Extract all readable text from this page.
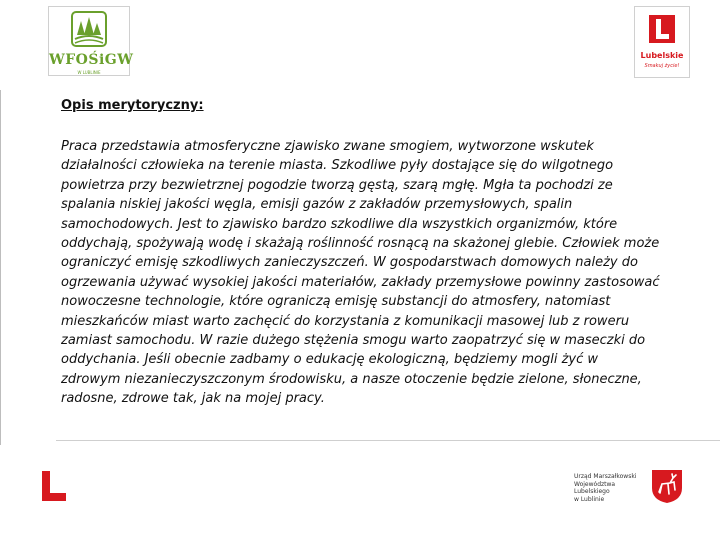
WFOŚiGW
W LUBLINIE
Lubelskie
Smakuj życie!
Opis merytoryczny:
Praca przedstawia atmosferyczne zjawisko zwane smogiem, wytworzone wskutek działalności człowieka na terenie miasta. Szkodliwe pyły dostające się do wilgotnego powietrza przy bezwietrznej pogodzie tworzą gęstą, szarą mgłę. Mgła ta pochodzi ze spalania niskiej jakości węgla, emisji gazów z zakładów przemysłowych, spalin samochodowych. Jest to zjawisko bardzo szkodliwe dla wszystkich organizmów, które oddychają, spożywają wodę i skażają roślinność rosnącą na skażonej glebie. Człowiek może ograniczyć emisję szkodliwych zanieczyszczeń. W gospodarstwach domowych należy do ogrzewania używać wysokiej jakości materiałów, zakłady przemysłowe powinny zastosować nowoczesne technologie, które ograniczą emisję substancji do atmosfery, natomiast mieszkańców miast warto zachęcić do korzystania z komunikacji masowej lub z roweru zamiast samochodu. W razie dużego stężenia smogu warto zaopatrzyć się w maseczki do oddychania. Jeśli obecnie zadbamy o edukację ekologiczną, będziemy mogli żyć w zdrowym niezanieczyszczonym środowisku, a nasze otoczenie będzie zielone, słoneczne, radosne, zdrowe tak, jak na mojej pracy.
Urząd Marszałkowski
Województwa Lubelskiego
w Lublinie
